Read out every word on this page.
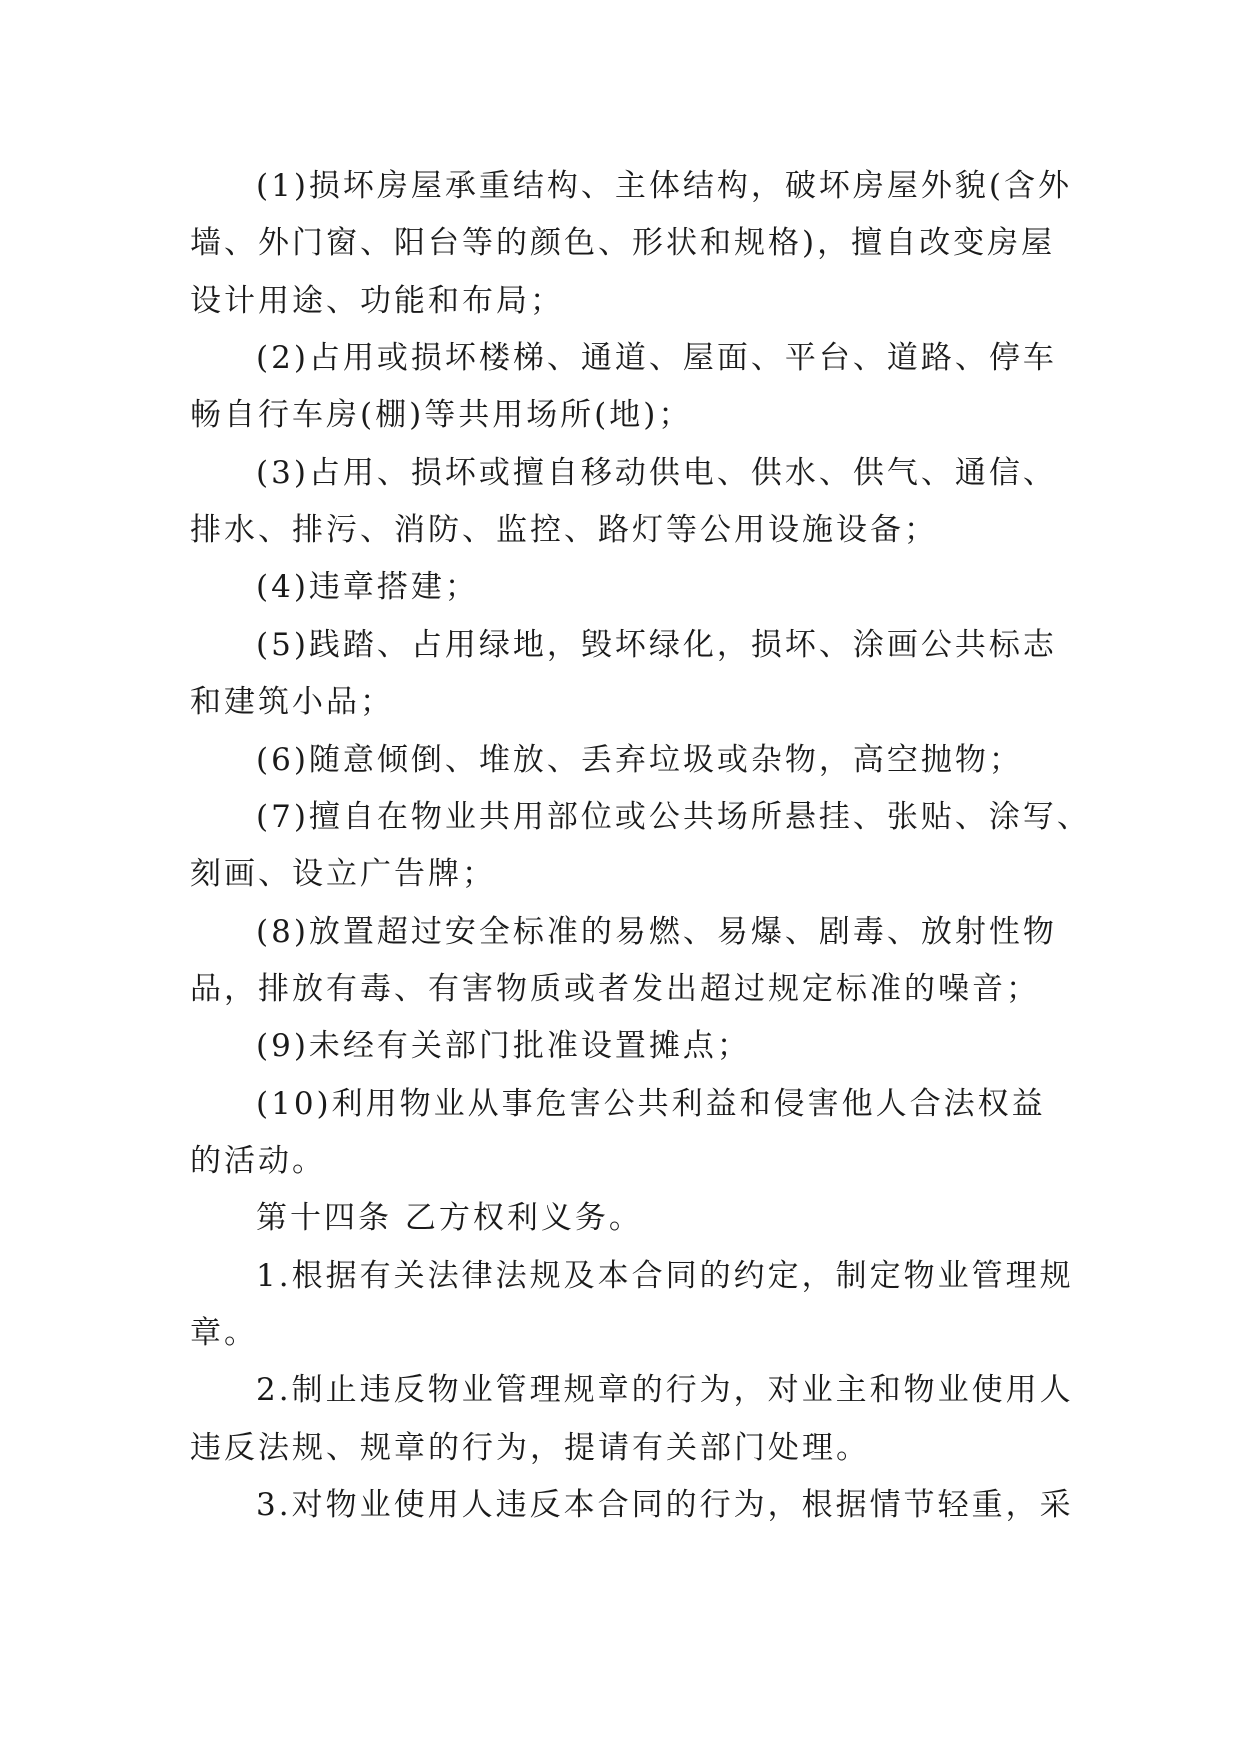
(1)损坏房屋承重结构、主体结构，破坏房屋外貌(含外
墙、外门窗、阳台等的颜色、形状和规格)，擅自改变房屋
设计用途、功能和布局；
(2)占用或损坏楼梯、通道、屋面、平台、道路、停车
畅自行车房(棚)等共用场所(地)；
(3)占用、损坏或擅自移动供电、供水、供气、通信、
排水、排污、消防、监控、路灯等公用设施设备；
(4)违章搭建；
(5)践踏、占用绿地，毁坏绿化，损坏、涂画公共标志
和建筑小品；
(6)随意倾倒、堆放、丢弃垃圾或杂物，高空抛物；
(7)擅自在物业共用部位或公共场所悬挂、张贴、涂写、
刻画、设立广告牌；
(8)放置超过安全标准的易燃、易爆、剧毒、放射性物
品，排放有毒、有害物质或者发出超过规定标准的噪音；
(9)未经有关部门批准设置摊点；
(10)利用物业从事危害公共利益和侵害他人合法权益
的活动。
第十四条 乙方权利义务。
1.根据有关法律法规及本合同的约定，制定物业管理规
章。
2.制止违反物业管理规章的行为，对业主和物业使用人
违反法规、规章的行为，提请有关部门处理。
3.对物业使用人违反本合同的行为，根据情节轻重，采
